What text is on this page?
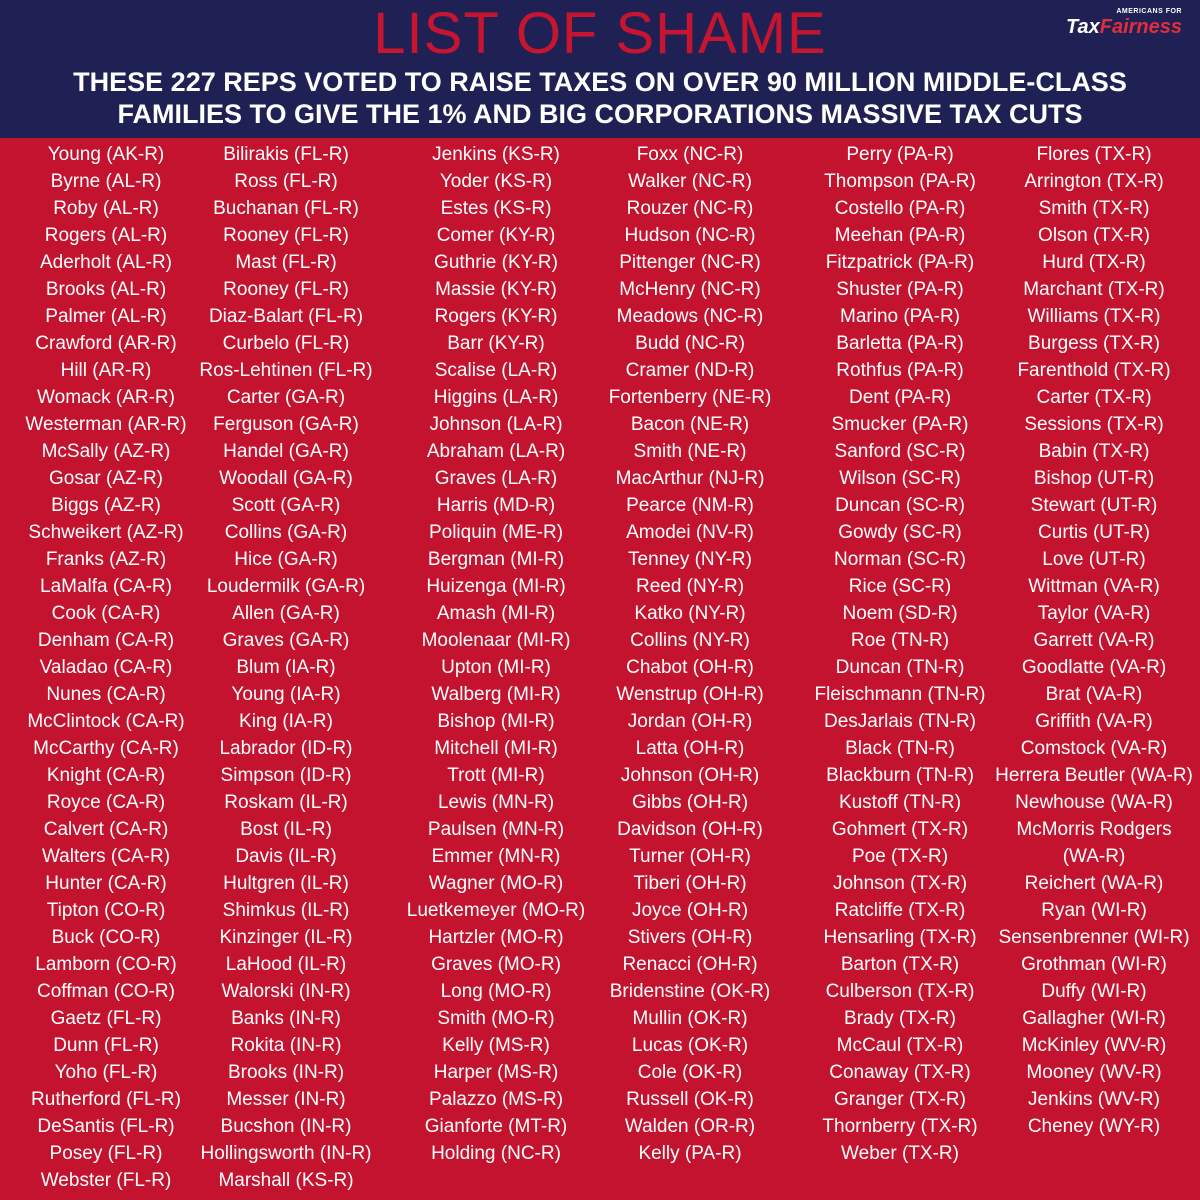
LIST OF SHAME
THESE 227 REPS VOTED TO RAISE TAXES ON OVER 90 MILLION MIDDLE-CLASS
FAMILIES TO GIVE THE 1% AND BIG CORPORATIONS MASSIVE TAX CUTS
AMERICANS FOR
TaxFairness
Young (AK-R)
Byrne (AL-R)
Roby (AL-R)
Rogers (AL-R)
Aderholt (AL-R)
Brooks (AL-R)
Palmer (AL-R)
Crawford (AR-R)
Hill (AR-R)
Womack (AR-R)
Westerman (AR-R)
McSally (AZ-R)
Gosar (AZ-R)
Biggs (AZ-R)
Schweikert (AZ-R)
Franks (AZ-R)
LaMalfa (CA-R)
Cook (CA-R)
Denham (CA-R)
Valadao (CA-R)
Nunes (CA-R)
McClintock (CA-R)
McCarthy (CA-R)
Knight (CA-R)
Royce (CA-R)
Calvert (CA-R)
Walters (CA-R)
Hunter (CA-R)
Tipton (CO-R)
Buck (CO-R)
Lamborn (CO-R)
Coffman (CO-R)
Gaetz (FL-R)
Dunn (FL-R)
Yoho (FL-R)
Rutherford (FL-R)
DeSantis (FL-R)
Posey (FL-R)
Webster (FL-R)
Bilirakis (FL-R)
Ross (FL-R)
Buchanan (FL-R)
Rooney (FL-R)
Mast (FL-R)
Rooney (FL-R)
Diaz-Balart (FL-R)
Curbelo (FL-R)
Ros-Lehtinen (FL-R)
Carter (GA-R)
Ferguson (GA-R)
Handel (GA-R)
Woodall (GA-R)
Scott (GA-R)
Collins (GA-R)
Hice (GA-R)
Loudermilk (GA-R)
Allen (GA-R)
Graves (GA-R)
Blum (IA-R)
Young (IA-R)
King (IA-R)
Labrador (ID-R)
Simpson (ID-R)
Roskam (IL-R)
Bost (IL-R)
Davis (IL-R)
Hultgren (IL-R)
Shimkus (IL-R)
Kinzinger (IL-R)
LaHood (IL-R)
Walorski (IN-R)
Banks (IN-R)
Rokita (IN-R)
Brooks (IN-R)
Messer (IN-R)
Bucshon (IN-R)
Hollingsworth (IN-R)
Marshall (KS-R)
Jenkins (KS-R)
Yoder (KS-R)
Estes (KS-R)
Comer (KY-R)
Guthrie (KY-R)
Massie (KY-R)
Rogers (KY-R)
Barr (KY-R)
Scalise (LA-R)
Higgins (LA-R)
Johnson (LA-R)
Abraham (LA-R)
Graves (LA-R)
Harris (MD-R)
Poliquin (ME-R)
Bergman (MI-R)
Huizenga (MI-R)
Amash (MI-R)
Moolenaar (MI-R)
Upton (MI-R)
Walberg (MI-R)
Bishop (MI-R)
Mitchell (MI-R)
Trott (MI-R)
Lewis (MN-R)
Paulsen (MN-R)
Emmer (MN-R)
Wagner (MO-R)
Luetkemeyer (MO-R)
Hartzler (MO-R)
Graves (MO-R)
Long (MO-R)
Smith (MO-R)
Kelly (MS-R)
Harper (MS-R)
Palazzo (MS-R)
Gianforte (MT-R)
Holding (NC-R)
Foxx (NC-R)
Walker (NC-R)
Rouzer (NC-R)
Hudson (NC-R)
Pittenger (NC-R)
McHenry (NC-R)
Meadows (NC-R)
Budd (NC-R)
Cramer (ND-R)
Fortenberry (NE-R)
Bacon (NE-R)
Smith (NE-R)
MacArthur (NJ-R)
Pearce (NM-R)
Amodei (NV-R)
Tenney (NY-R)
Reed (NY-R)
Katko (NY-R)
Collins (NY-R)
Chabot (OH-R)
Wenstrup (OH-R)
Jordan (OH-R)
Latta (OH-R)
Johnson (OH-R)
Gibbs (OH-R)
Davidson (OH-R)
Turner (OH-R)
Tiberi (OH-R)
Joyce (OH-R)
Stivers (OH-R)
Renacci (OH-R)
Bridenstine (OK-R)
Mullin (OK-R)
Lucas (OK-R)
Cole (OK-R)
Russell (OK-R)
Walden (OR-R)
Kelly (PA-R)
Perry (PA-R)
Thompson (PA-R)
Costello (PA-R)
Meehan (PA-R)
Fitzpatrick (PA-R)
Shuster (PA-R)
Marino (PA-R)
Barletta (PA-R)
Rothfus (PA-R)
Dent (PA-R)
Smucker (PA-R)
Sanford (SC-R)
Wilson (SC-R)
Duncan (SC-R)
Gowdy (SC-R)
Norman (SC-R)
Rice (SC-R)
Noem (SD-R)
Roe (TN-R)
Duncan (TN-R)
Fleischmann (TN-R)
DesJarlais (TN-R)
Black (TN-R)
Blackburn (TN-R)
Kustoff (TN-R)
Gohmert (TX-R)
Poe (TX-R)
Johnson (TX-R)
Ratcliffe (TX-R)
Hensarling (TX-R)
Barton (TX-R)
Culberson (TX-R)
Brady (TX-R)
McCaul (TX-R)
Conaway (TX-R)
Granger (TX-R)
Thornberry (TX-R)
Weber (TX-R)
Flores (TX-R)
Arrington (TX-R)
Smith (TX-R)
Olson (TX-R)
Hurd (TX-R)
Marchant (TX-R)
Williams (TX-R)
Burgess (TX-R)
Farenthold (TX-R)
Carter (TX-R)
Sessions (TX-R)
Babin (TX-R)
Bishop (UT-R)
Stewart (UT-R)
Curtis (UT-R)
Love (UT-R)
Wittman (VA-R)
Taylor (VA-R)
Garrett (VA-R)
Goodlatte (VA-R)
Brat (VA-R)
Griffith (VA-R)
Comstock (VA-R)
Herrera Beutler (WA-R)
Newhouse (WA-R)
McMorris Rodgers (WA-R)
Reichert (WA-R)
Ryan (WI-R)
Sensenbrenner (WI-R)
Grothman (WI-R)
Duffy (WI-R)
Gallagher (WI-R)
McKinley (WV-R)
Mooney (WV-R)
Jenkins (WV-R)
Cheney (WY-R)
